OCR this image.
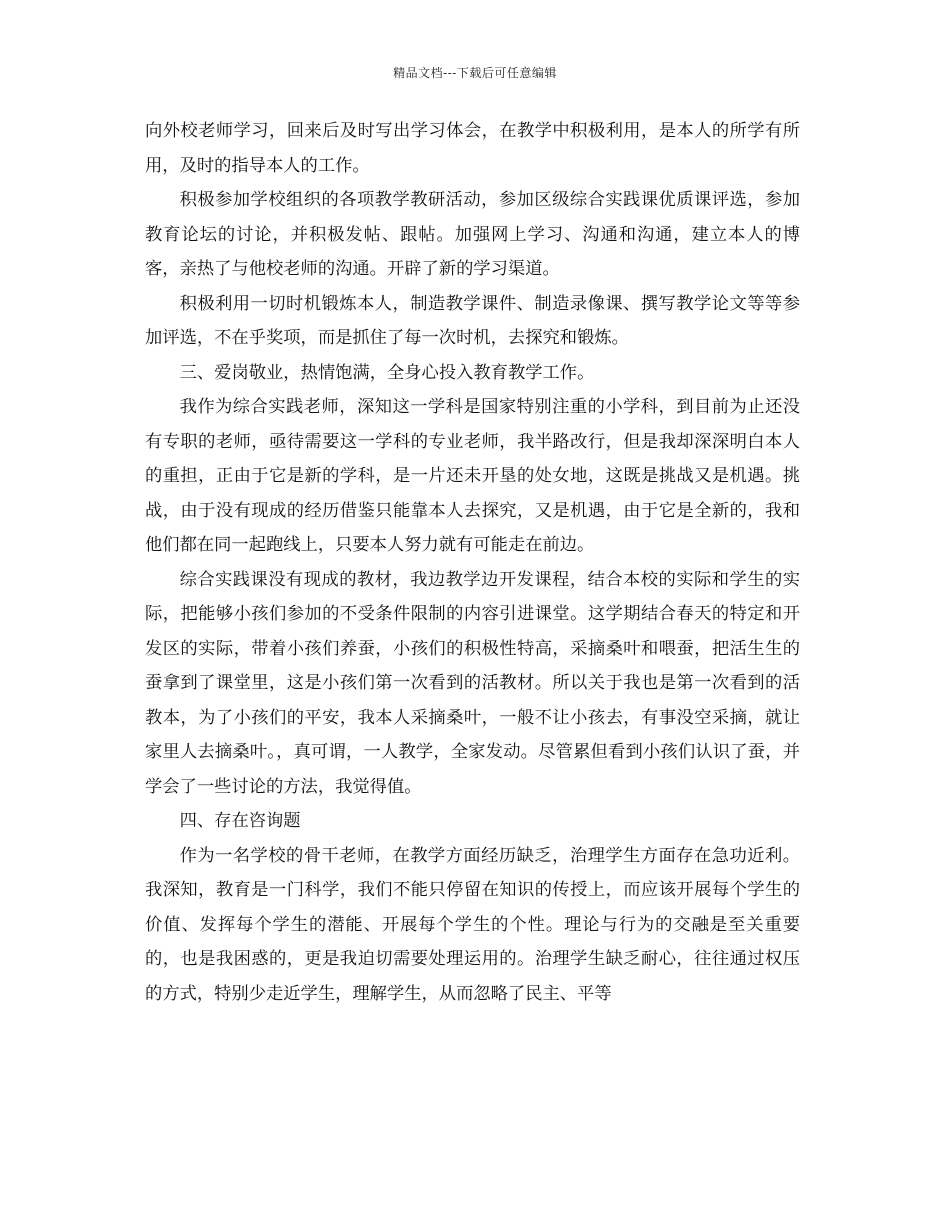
精品文档---下载后可任意编辑

向外校老师学习，回来后及时写出学习体会，在教学中积极利用，是本人的所学有所用，及时的指导本人的工作。

积极参加学校组织的各项教学教研活动，参加区级综合实践课优质课评选，参加教育论坛的讨论，并积极发帖、跟帖。加强网上学习、沟通和沟通，建立本人的博客，亲热了与他校老师的沟通。开辟了新的学习渠道。

积极利用一切时机锻炼本人，制造教学课件、制造录像课、撰写教学论文等等参加评选，不在乎奖项，而是抓住了每一次时机，去探究和锻炼。

三、爱岗敬业，热情饱满，全身心投入教育教学工作。

我作为综合实践老师，深知这一学科是国家特别注重的小学科，到目前为止还没有专职的老师，亟待需要这一学科的专业老师，我半路改行，但是我却深深明白本人的重担，正由于它是新的学科，是一片还未开垦的处女地，这既是挑战又是机遇。挑战，由于没有现成的经历借鉴只能靠本人去探究，又是机遇，由于它是全新的，我和他们都在同一起跑线上，只要本人努力就有可能走在前边。

综合实践课没有现成的教材，我边教学边开发课程，结合本校的实际和学生的实际，把能够小孩们参加的不受条件限制的内容引进课堂。这学期结合春天的特定和开发区的实际，带着小孩们养蚕，小孩们的积极性特高，采摘桑叶和喂蚕，把活生生的蚕拿到了课堂里，这是小孩们第一次看到的活教材。所以关于我也是第一次看到的活教本，为了小孩们的平安，我本人采摘桑叶，一般不让小孩去，有事没空采摘，就让家里人去摘桑叶。，真可谓，一人教学，全家发动。尽管累但看到小孩们认识了蚕，并学会了一些讨论的方法，我觉得值。

四、存在咨询题

作为一名学校的骨干老师，在教学方面经历缺乏，治理学生方面存在急功近利。我深知，教育是一门科学，我们不能只停留在知识的传授上，而应该开展每个学生的价值、发挥每个学生的潜能、开展每个学生的个性。理论与行为的交融是至关重要的，也是我困惑的，更是我迫切需要处理运用的。治理学生缺乏耐心，往往通过权压的方式，特别少走近学生，理解学生，从而忽略了民主、平等
